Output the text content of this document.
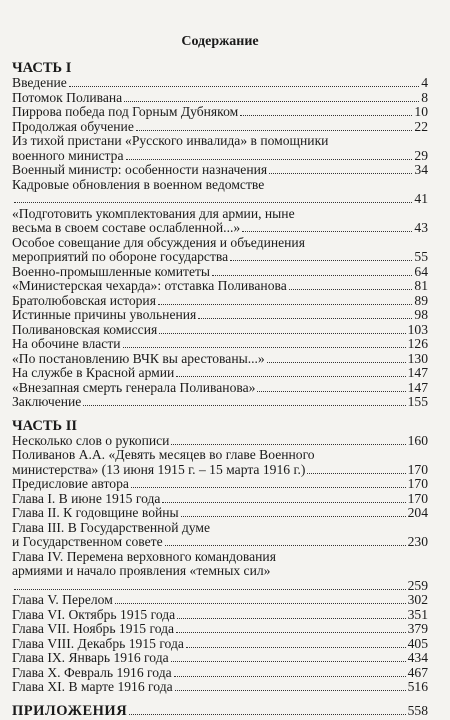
Содержание
ЧАСТЬ I
Введение	4
Потомок Поливана	8
Пиррова победа под Горным Дубняком	10
Продолжая обучение	22
Из тихой пристани «Русского инвалида» в помощники
военного министра	29
Военный министр: особенности назначения	34
Кадровые обновления в военном ведомстве
41
«Подготовить укомплектования для армии, ныне
весьма в своем составе ослабленной...»	43
Особое совещание для обсуждения и объединения
мероприятий по обороне государства	55
Военно-промышленные комитеты	64
«Министерская чехарда»: отставка Поливанова	81
Братолюбовская история	89
Истинные причины увольнения	98
Поливановская комиссия	103
На обочине власти	126
«По постановлению ВЧК вы арестованы...»	130
На службе в Красной армии	147
«Внезапная смерть генерала Поливанова»	147
Заключение	155
ЧАСТЬ II
Несколько слов о рукописи	160
Поливанов А.А. «Девять месяцев во главе Военного
министерства» (13 июня 1915 г. – 15 марта 1916 г.)	170
Предисловие автора	170
Глава I. В июне 1915 года	170
Глава II. К годовщине войны	204
Глава III. В Государственной думе
и Государственном совете	230
Глава IV. Перемена верховного командования
армиями и начало проявления «темных сил»
259
Глава V. Перелом	302
Глава VI. Октябрь 1915 года	351
Глава VII. Ноябрь 1915 года	379
Глава VIII. Декабрь 1915 года	405
Глава IX. Январь 1916 года	434
Глава X. Февраль 1916 года	467
Глава XI. В марте 1916 года	516
ПРИЛОЖЕНИЯ	558
